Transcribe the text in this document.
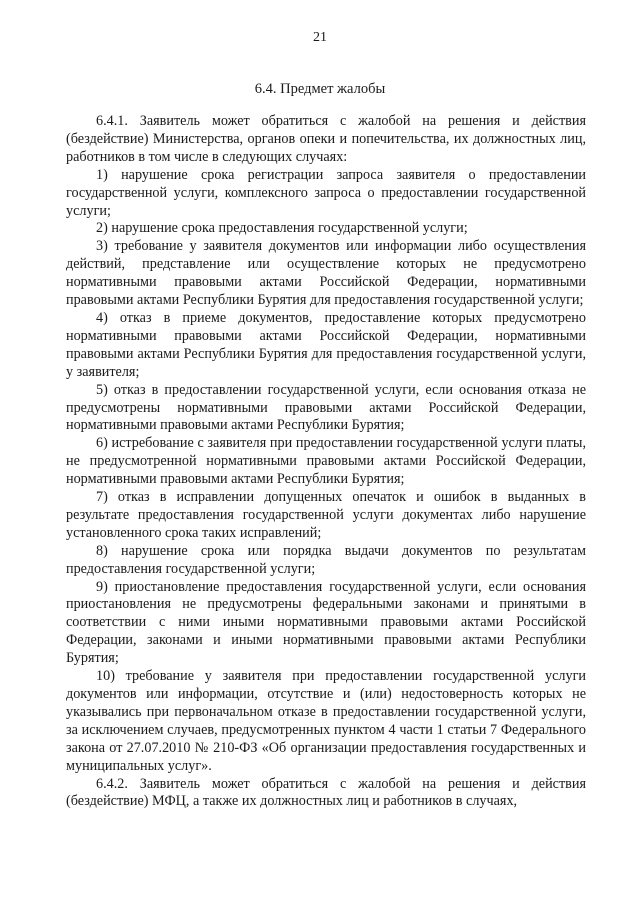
21
6.4. Предмет жалобы

6.4.1. Заявитель может обратиться с жалобой на решения и действия (бездействие) Министерства, органов опеки и попечительства, их должностных лиц, работников в том числе в следующих случаях:

1) нарушение срока регистрации запроса заявителя о предоставлении государственной услуги, комплексного запроса о предоставлении государственной услуги;

2) нарушение срока предоставления государственной услуги;

3) требование у заявителя документов или информации либо осуществления действий, представление или осуществление которых не предусмотрено нормативными правовыми актами Российской Федерации, нормативными правовыми актами Республики Бурятия для предоставления государственной услуги;

4) отказ в приеме документов, предоставление которых предусмотрено нормативными правовыми актами Российской Федерации, нормативными правовыми актами Республики Бурятия для предоставления государственной услуги, у заявителя;

5) отказ в предоставлении государственной услуги, если основания отказа не предусмотрены нормативными правовыми актами Российской Федерации, нормативными правовыми актами Республики Бурятия;

6) истребование с заявителя при предоставлении государственной услуги платы, не предусмотренной нормативными правовыми актами Российской Федерации, нормативными правовыми актами Республики Бурятия;

7) отказ в исправлении допущенных опечаток и ошибок в выданных в результате предоставления государственной услуги документах либо нарушение установленного срока таких исправлений;

8) нарушение срока или порядка выдачи документов по результатам предоставления государственной услуги;

9) приостановление предоставления государственной услуги, если основания приостановления не предусмотрены федеральными законами и принятыми в соответствии с ними иными нормативными правовыми актами Российской Федерации, законами и иными нормативными правовыми актами Республики Бурятия;

10) требование у заявителя при предоставлении государственной услуги документов или информации, отсутствие и (или) недостоверность которых не указывались при первоначальном отказе в предоставлении государственной услуги, за исключением случаев, предусмотренных пунктом 4 части 1 статьи 7 Федерального закона от 27.07.2010 № 210-ФЗ «Об организации предоставления государственных и муниципальных услуг».

6.4.2. Заявитель может обратиться с жалобой на решения и действия (бездействие) МФЦ, а также их должностных лиц и работников в случаях,
